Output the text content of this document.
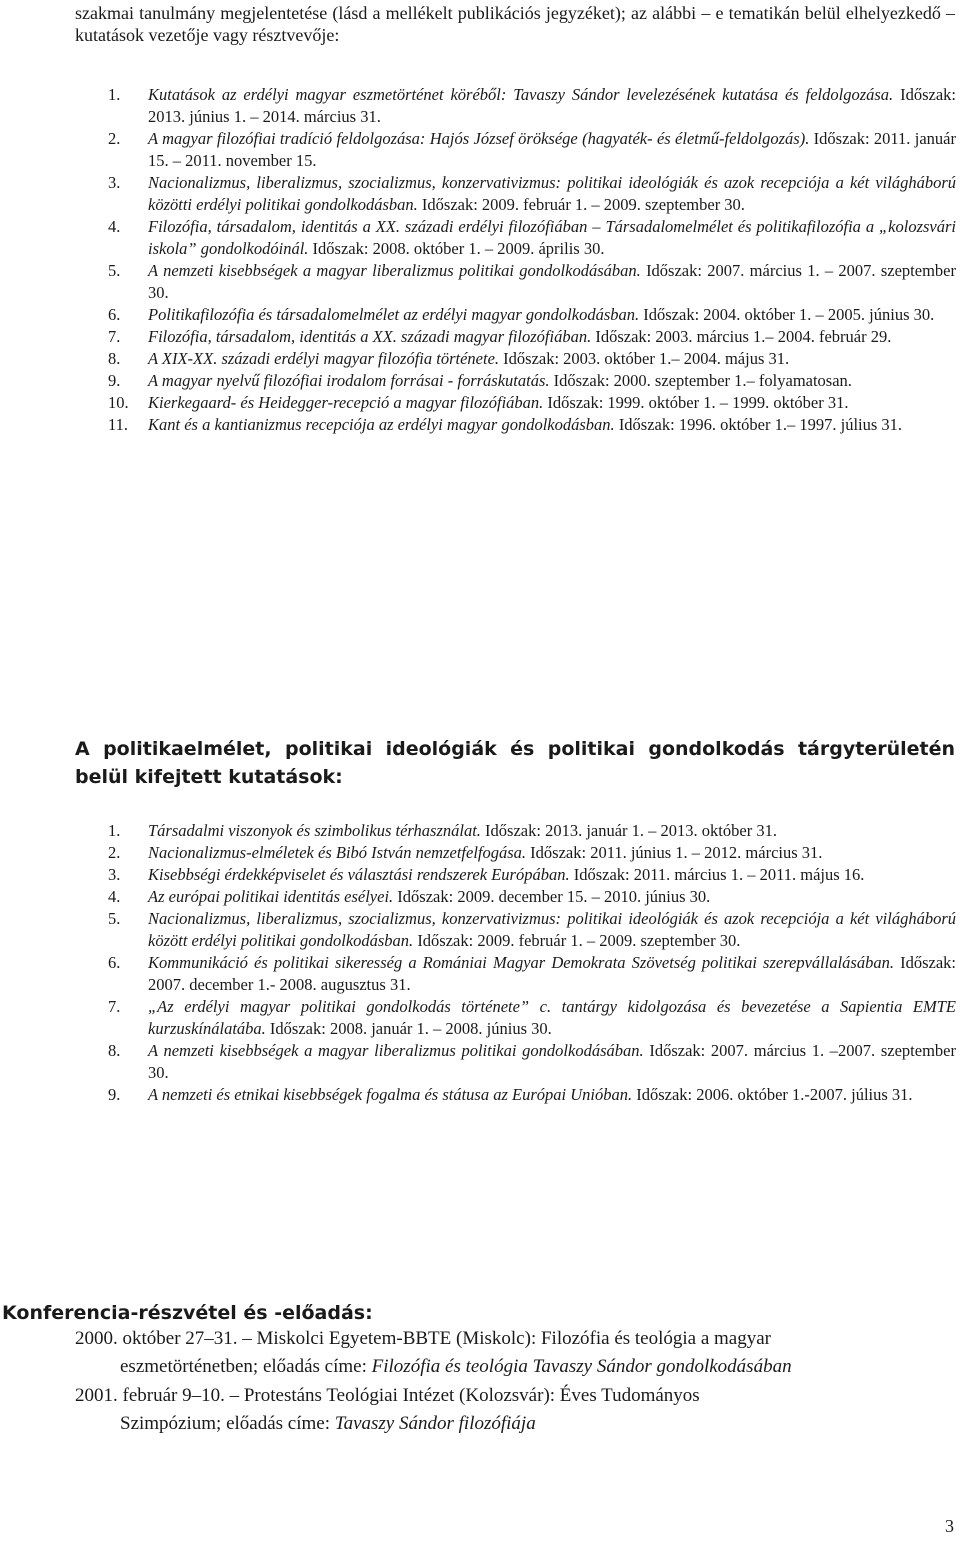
szakmai tanulmány megjelentetése (lásd a mellékelt publikációs jegyzéket); az alábbi – e tematikán belül elhelyezkedő – kutatások vezetője vagy résztvevője:
1. Kutatások az erdélyi magyar eszmetörténet köréből: Tavaszy Sándor levelezésének kutatása és feldolgozása. Időszak: 2013. június 1. – 2014. március 31.
2. A magyar filozófiai tradíció feldolgozása: Hajós József öröksége (hagyaték- és életmű-feldolgozás). Időszak: 2011. január 15. – 2011. november 15.
3. Nacionalizmus, liberalizmus, szocializmus, konzervativizmus: politikai ideológiák és azok recepciója a két világháború közötti erdélyi politikai gondolkodásban. Időszak: 2009. február 1. – 2009. szeptember 30.
4. Filozófia, társadalom, identitás a XX. századi erdélyi filozófiában – Társadalomelmélet és politikafilozófia a „kolozsvári iskola” gondolkodóinál. Időszak: 2008. október 1. – 2009. április 30.
5. A nemzeti kisebbségek a magyar liberalizmus politikai gondolkodásában. Időszak: 2007. március 1. – 2007. szeptember 30.
6. Politikafilozófia és társadalomelmélet az erdélyi magyar gondolkodásban. Időszak: 2004. október 1. – 2005. június 30.
7. Filozófia, társadalom, identitás a XX. századi magyar filozófiában. Időszak: 2003. március 1.– 2004. február 29.
8. A XIX-XX. századi erdélyi magyar filozófia története. Időszak: 2003. október 1.– 2004. május 31.
9. A magyar nyelvű filozófiai irodalom forrásai - forráskutatás. Időszak: 2000. szeptember 1.– folyamatosan.
10. Kierkegaard- és Heidegger-recepció a magyar filozófiában. Időszak: 1999. október 1. – 1999. október 31.
11. Kant és a kantianizmus recepciója az erdélyi magyar gondolkodásban. Időszak: 1996. október 1.– 1997. július 31.
A politikaelmélet, politikai ideológiák és politikai gondolkodás tárgyterületén belül kifejtett kutatások:
1. Társadalmi viszonyok és szimbolikus térhasználat. Időszak: 2013. január 1. – 2013. október 31.
2. Nacionalizmus-elméletek és Bibó István nemzetfelfogása. Időszak: 2011. június 1. – 2012. március 31.
3. Kisebbségi érdekképviselet és választási rendszerek Európában. Időszak: 2011. március 1. – 2011. május 16.
4. Az európai politikai identitás esélyei. Időszak: 2009. december 15. – 2010. június 30.
5. Nacionalizmus, liberalizmus, szocializmus, konzervativizmus: politikai ideológiák és azok recepciója a két világháború között erdélyi politikai gondolkodásban. Időszak: 2009. február 1. – 2009. szeptember 30.
6. Kommunikáció és politikai sikeresség a Romániai Magyar Demokrata Szövetség politikai szerepvállalásában. Időszak: 2007. december 1.- 2008. augusztus 31.
7. „Az erdélyi magyar politikai gondolkodás története” c. tantárgy kidolgozása és bevezetése a Sapientia EMTE kurzuskínálatába. Időszak: 2008. január 1. – 2008. június 30.
8. A nemzeti kisebbségek a magyar liberalizmus politikai gondolkodásában. Időszak: 2007. március 1. –2007. szeptember 30.
9. A nemzeti és etnikai kisebbségek fogalma és státusa az Európai Unióban. Időszak: 2006. október 1.-2007. július 31.
Konferencia-részvétel és -előadás:
2000. október 27–31. – Miskolci Egyetem-BBTE (Miskolc): Filozófia és teológia a magyar
eszmetörténetben; előadás címe: Filozófia és teológia Tavaszy Sándor gondolkodásában
2001. február 9–10. – Protestáns Teológiai Intézet (Kolozsvár): Éves Tudományos
Szimpózium; előadás címe: Tavaszy Sándor filozófiája
3
